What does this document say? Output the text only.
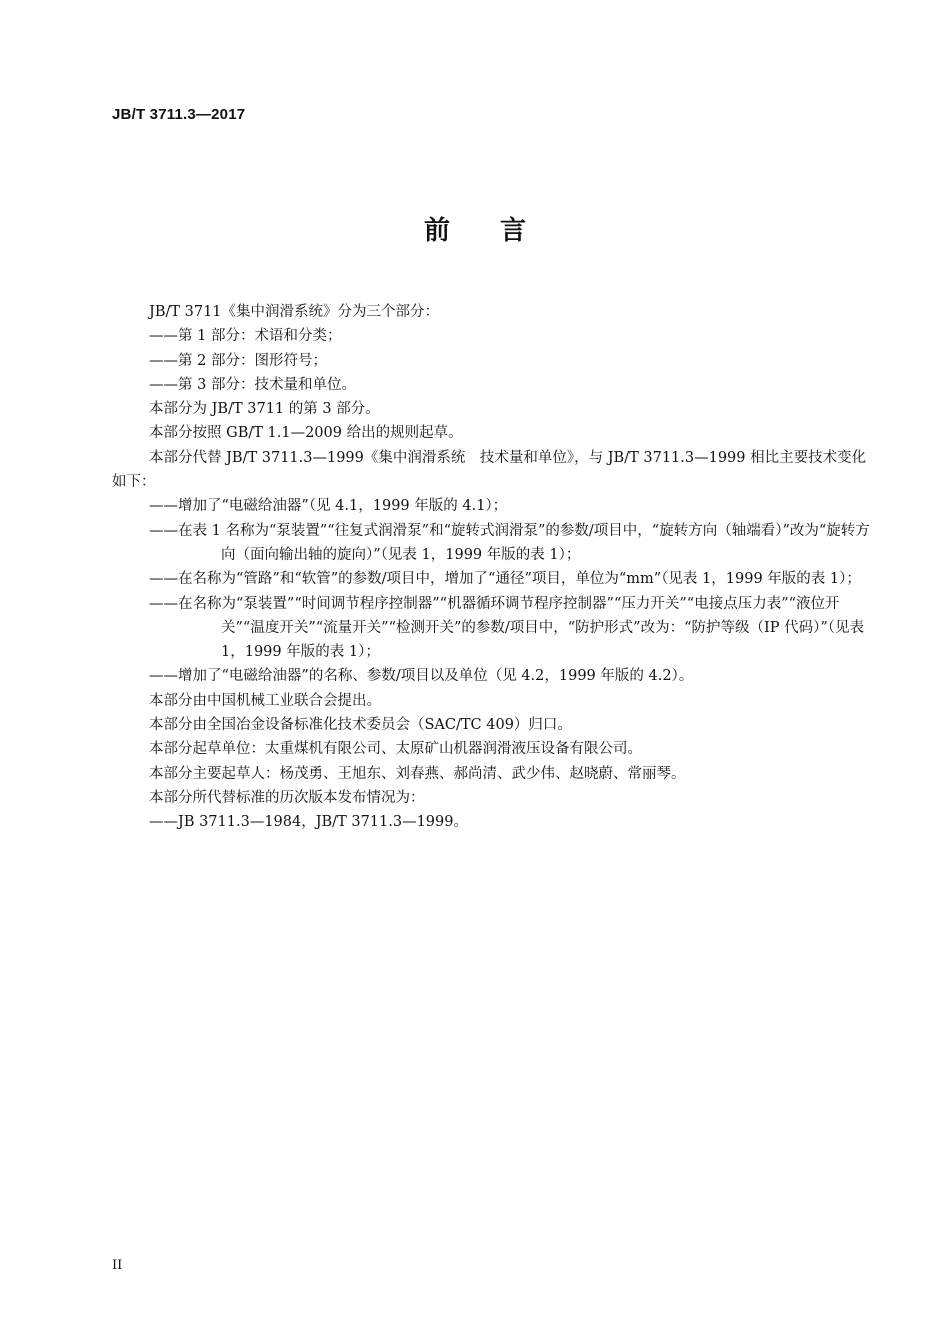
JB/T 3711.3—2017
前言

JB/T 3711《集中润滑系统》分为三个部分：

——第 1 部分：术语和分类；

——第 2 部分：图形符号；

——第 3 部分：技术量和单位。

本部分为 JB/T 3711 的第 3 部分。

本部分按照 GB/T 1.1—2009 给出的规则起草。

本部分代替 JB/T 3711.3—1999《集中润滑系统　技术量和单位》，与 JB/T 3711.3—1999 相比主要技术变化如下：

——增加了“电磁给油器”（见 4.1，1999 年版的 4.1）；

——在表 1 名称为“泵装置”“往复式润滑泵”和“旋转式润滑泵”的参数/项目中，“旋转方向（轴端看）”改为“旋转方向（面向输出轴的旋向）”（见表 1，1999 年版的表 1）；

——在名称为“管路”和“软管”的参数/项目中，增加了“通径”项目，单位为“mm”（见表 1，1999 年版的表 1）；

——在名称为“泵装置”“时间调节程序控制器”“机器循环调节程序控制器”“压力开关”“电接点压力表”“液位开关”“温度开关”“流量开关”“检测开关”的参数/项目中，“防护形式”改为：“防护等级（IP 代码）”（见表 1，1999 年版的表 1）；

——增加了“电磁给油器”的名称、参数/项目以及单位（见 4.2，1999 年版的 4.2）。

本部分由中国机械工业联合会提出。

本部分由全国冶金设备标准化技术委员会（SAC/TC 409）归口。

本部分起草单位：太重煤机有限公司、太原矿山机器润滑液压设备有限公司。

本部分主要起草人：杨茂勇、王旭东、刘春燕、郝尚清、武少伟、赵晓蔚、常丽琴。

本部分所代替标准的历次版本发布情况为：

——JB 3711.3—1984，JB/T 3711.3—1999。

II
